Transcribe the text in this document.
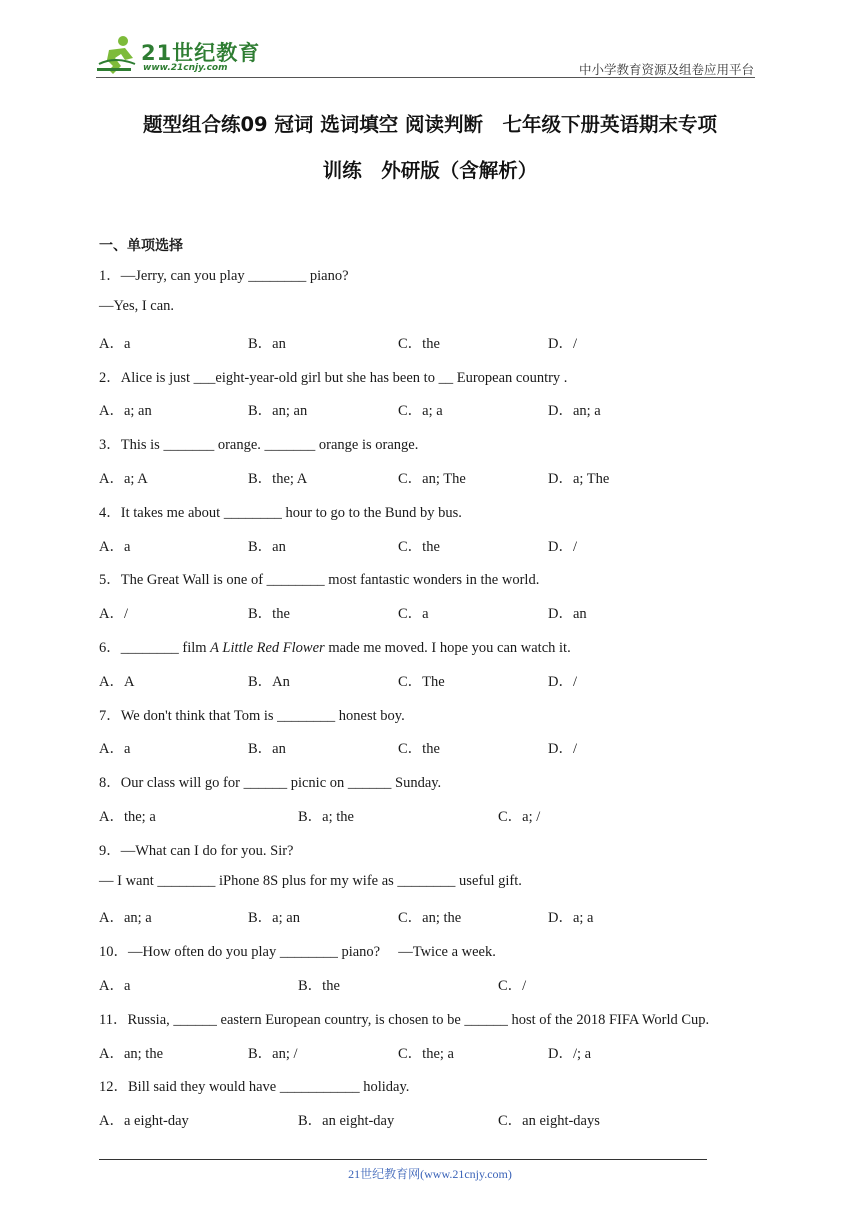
21世纪教育
www.21cnjy.com	中小学教育资源及组卷应用平台
题型组合练09 冠词 选词填空 阅读判断　七年级下册英语期末专项
训练　外研版（含解析）
一、单项选择
1．—Jerry, can you play ________ piano?
—Yes, I can.
A．a	B．an	C．the	D．/
2．Alice is just ___eight-year-old girl but she has been to __ European country .
A．a; an	B．an; an	C．a; a	D．an; a
3．This is _______ orange. _______ orange is orange.
A．a; A	B．the; A	C．an; The	D．a; The
4．It takes me about ________ hour to go to the Bund by bus.
A．a	B．an	C．the	D．/
5．The Great Wall is one of ________ most fantastic wonders in the world.
A．/	B．the	C．a	D．an
6．________ film A Little Red Flower made me moved. I hope you can watch it.
A．A	B．An	C．The	D．/
7．We don't think that Tom is ________ honest boy.
A．a	B．an	C．the	D．/
8．Our class will go for ______ picnic on ______ Sunday.
A．the; a	B．a; the	C．a; /
9．—What can I do for you. Sir?
— I want ________ iPhone 8S plus for my wife as ________ useful gift.
A．an; a	B．a; an	C．an; the	D．a; a
10．—How often do you play ________ piano?　 —Twice a week.
A．a	B．the	C．/
11．Russia, ______ eastern European country, is chosen to be ______ host of the 2018 FIFA World Cup.
A．an; the	B．an; /	C．the; a	D．/; a
12．Bill said they would have ___________ holiday.
A．a eight-day	B．an eight-day	C．an eight-days
21世纪教育网(www.21cnjy.com)
